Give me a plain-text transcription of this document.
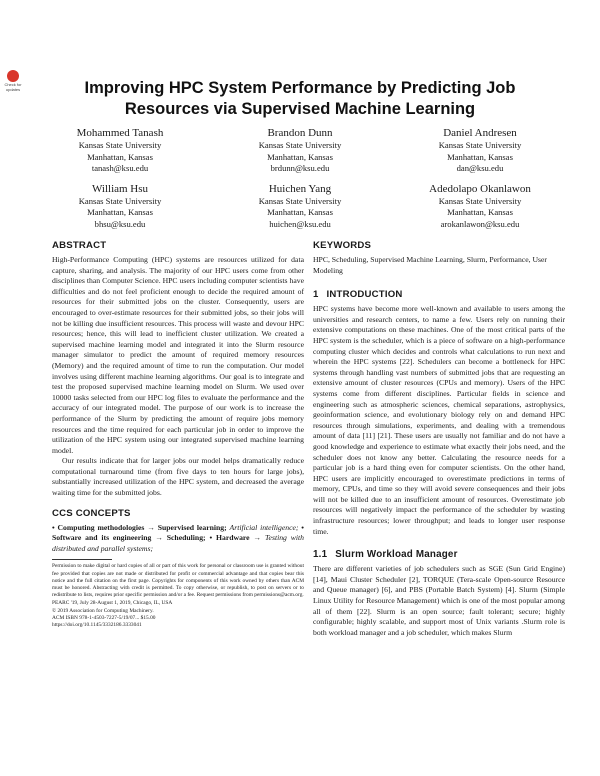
Check for updates	Improving HPC System Performance by Predicting Job Resources via Supervised Machine Learning
Mohammed Tanash
Kansas State University
Manhattan, Kansas
tanash@ksu.edu
Brandon Dunn
Kansas State University
Manhattan, Kansas
brdunn@ksu.edu
Daniel Andresen
Kansas State University
Manhattan, Kansas
dan@ksu.edu
William Hsu
Kansas State University
Manhattan, Kansas
bhsu@ksu.edu
Huichen Yang
Kansas State University
Manhattan, Kansas
huichen@ksu.edu
Adedolapo Okanlawon
Kansas State University
Manhattan, Kansas
arokanlawon@ksu.edu
ABSTRACT

High-Performance Computing (HPC) systems are resources utilized for data capture, sharing, and analysis. The majority of our HPC users come from other disciplines than Computer Science. HPC users including computer scientists have difficulties and do not feel proficient enough to decide the required amount of resources for their submitted jobs on the cluster. Consequently, users are encouraged to over-estimate resources for their submitted jobs, so their jobs will not be killing due insufficient resources. This process will waste and devour HPC resources; hence, this will lead to inefficient cluster utilization. We created a supervised machine learning model and integrated it into the Slurm resource manager simulator to predict the amount of required memory resources (Memory) and the required amount of time to run the computation. Our model involves using different machine learning algorithms. Our goal is to integrate and test the proposed supervised machine learning model on Slurm. We used over 10000 tasks selected from our HPC log files to evaluate the performance and the accuracy of our integrated model. The purpose of our work is to increase the performance of the Slurm by predicting the amount of require jobs memory resources and the time required for each particular job in order to improve the utilization of the HPC system using our integrated supervised machine learning model.

Our results indicate that for larger jobs our model helps dramatically reduce computational turnaround time (from five days to ten hours for large jobs), substantially increased utilization of the HPC system, and decreased the average waiting time for the submitted jobs.

CCS CONCEPTS
• Computing methodologies → Supervised learning; Artificial intelligence; • Software and its engineering → Scheduling; • Hardware → Testing with distributed and parallel systems;
Permission to make digital or hard copies of all or part of this work for personal or classroom use is granted without fee provided that copies are not made or distributed for profit or commercial advantage and that copies bear this notice and the full citation on the first page. Copyrights for components of this work owned by others than ACM must be honored. Abstracting with credit is permitted. To copy otherwise, or republish, to post on servers or to redistribute to lists, requires prior specific permission and/or a fee. Request permissions from permissions@acm.org.
PEARC '19, July 28-August 1, 2019, Chicago, IL, USA
© 2019 Association for Computing Machinery.
ACM ISBN 978-1-4503-7227-5/19/07... $15.00
https://doi.org/10.1145/3332186.3333041
KEYWORDS
HPC, Scheduling, Supervised Machine Learning, Slurm, Performance, User Modeling
1 INTRODUCTION

HPC systems have become more well-known and available to users among the universities and research centers, to name a few. Users rely on running their extensive computations on these machines. One of the most critical parts of the HPC system is the scheduler, which is a piece of software on a high-performance computing cluster which decides and controls what calculations to run next and wherein the HPC systems [22]. Schedulers can become a bottleneck for HPC systems through handling vast numbers of submitted jobs that are requesting an extensive amount of cluster resources (CPUs and memory). Users of the HPC systems come from different disciplines. Particular fields in science and engineering such as atmospheric sciences, chemical separations, astrophysics, geoinformation science, and evolutionary biology rely on and demand HPC resources through simulations, experiments, and dealing with a tremendous amount of data [11] [21]. These users are usually not familiar and do not have a good knowledge and experience to estimate what exactly their jobs need, and the scheduler does not know any better. Calculating the resource needs for a particular job is a hard thing even for computer scientists. On the other hand, HPC users are implicitly encouraged to overestimate predictions in terms of memory, CPUs, and time so they will avoid severe consequences and their jobs will not be killed due to an insufficient amount of resources. Overestimate job resources will negatively impact the performance of the scheduler by wasting infrastructure resources; lower throughput; and leads to longer user response time.

1.1 Slurm Workload Manager

There are different varieties of job schedulers such as SGE (Sun Grid Engine) [14], Maui Cluster Scheduler [2], TORQUE (Tera-scale Open-source Resource and Queue manager) [6], and PBS (Portable Batch System) [4]. Slurm (Simple Linux Utility for Resource Management) which is one of the most popular among all of them [22]. Slurm is an open source; fault tolerant; secure; highly configurable; highly scalable, and support most of Unix variants .Slurm role is both workload manager and a job scheduler, which makes Slurm
